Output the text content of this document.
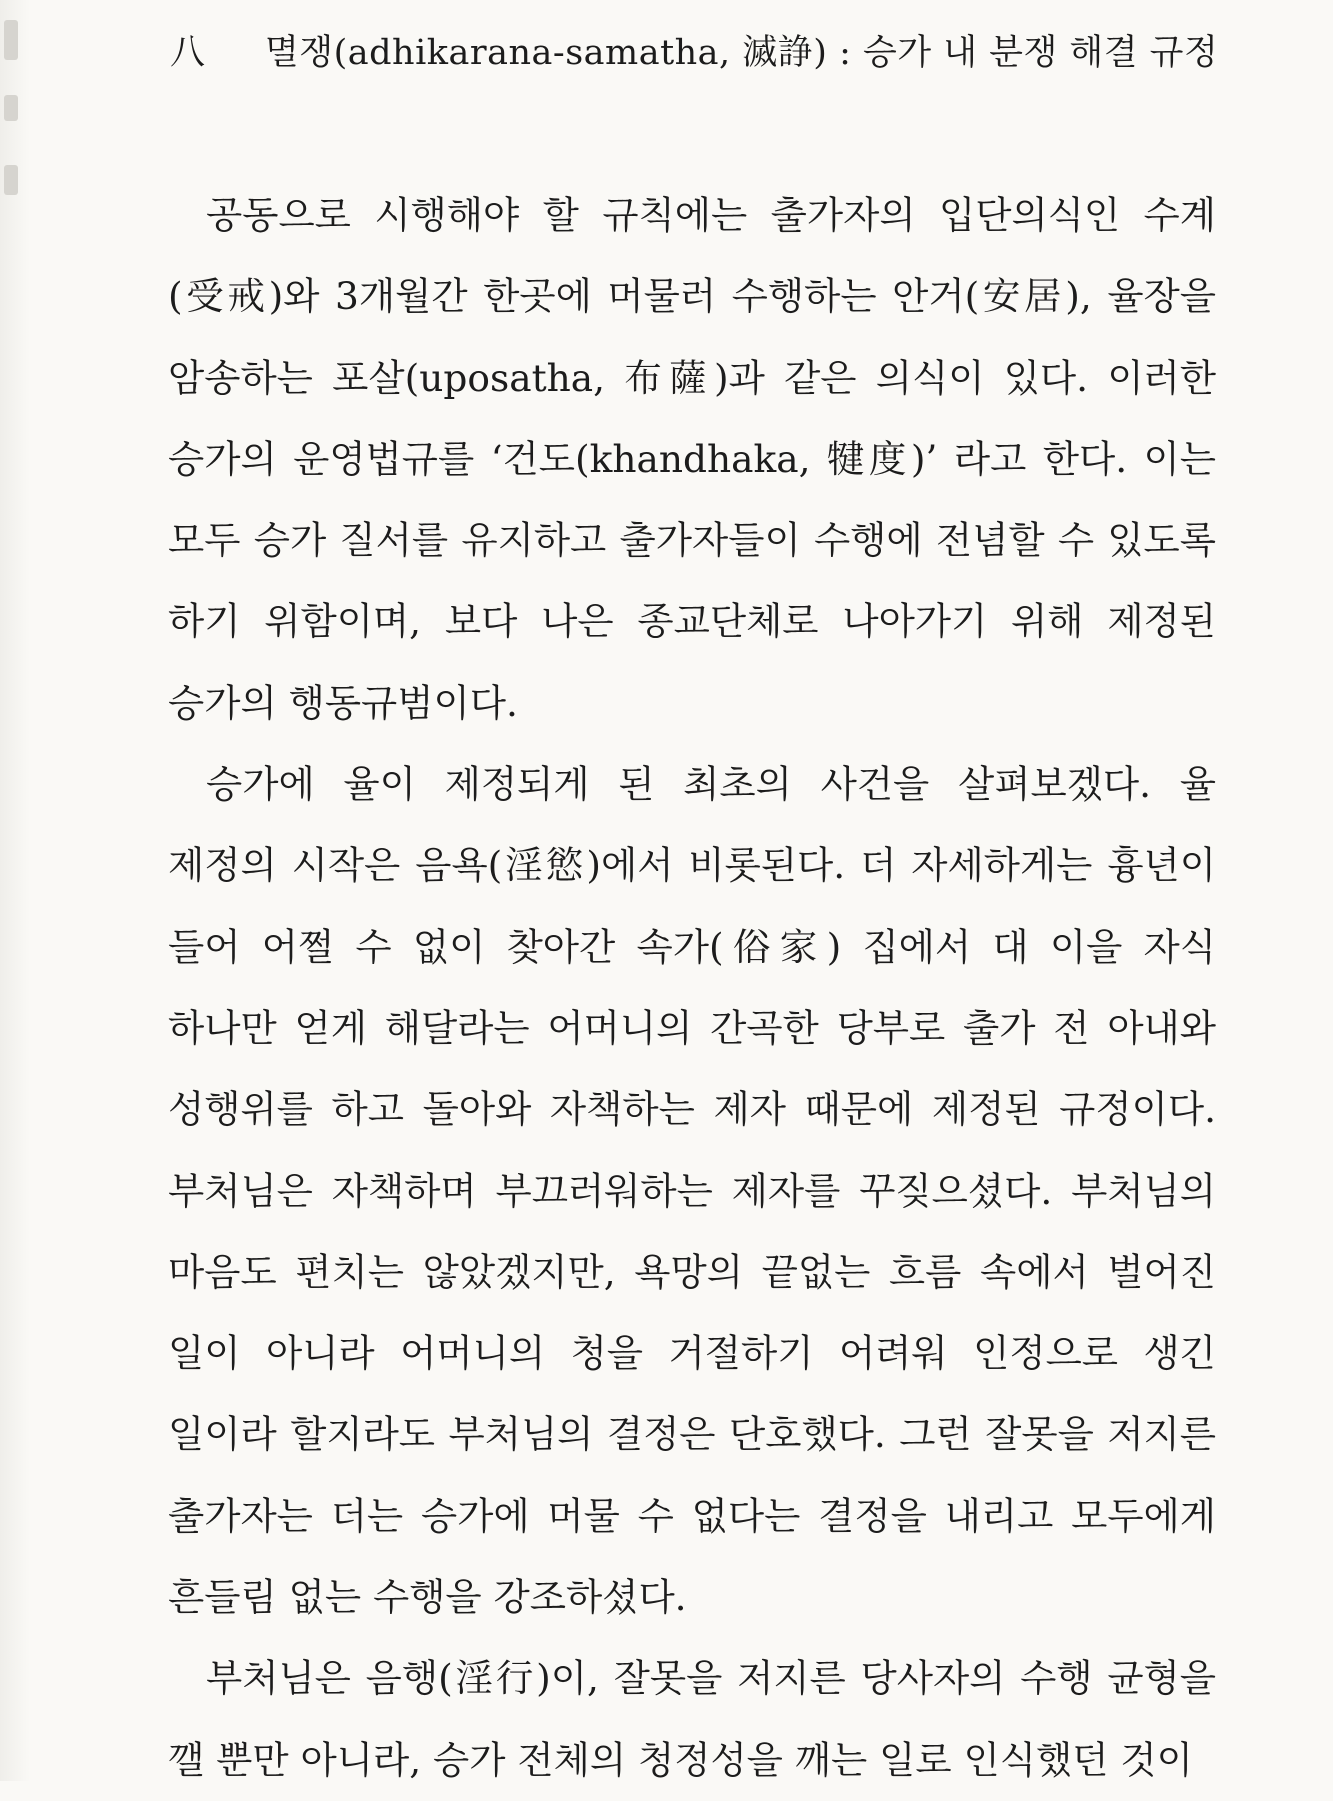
八	멸쟁(adhikarana-samatha, 滅諍) : 승가 내 분쟁 해결 규정

공동으로 시행해야 할 규칙에는 출가자의 입단의식인 수계(受戒)와 3개월간 한곳에 머물러 수행하는 안거(安居), 율장을 암송하는 포살(uposatha, 布薩)과 같은 의식이 있다. 이러한 승가의 운영법규를 ‘건도(khandhaka, 犍度)’ 라고 한다. 이는 모두 승가 질서를 유지하고 출가자들이 수행에 전념할 수 있도록 하기 위함이며, 보다 나은 종교단체로 나아가기 위해 제정된 승가의 행동규범이다.

승가에 율이 제정되게 된 최초의 사건을 살펴보겠다. 율 제정의 시작은 음욕(淫慾)에서 비롯된다. 더 자세하게는 흉년이 들어 어쩔 수 없이 찾아간 속가(俗家) 집에서 대 이을 자식 하나만 얻게 해달라는 어머니의 간곡한 당부로 출가 전 아내와 성행위를 하고 돌아와 자책하는 제자 때문에 제정된 규정이다. 부처님은 자책하며 부끄러워하는 제자를 꾸짖으셨다. 부처님의 마음도 편치는 않았겠지만, 욕망의 끝없는 흐름 속에서 벌어진 일이 아니라 어머니의 청을 거절하기 어려워 인정으로 생긴 일이라 할지라도 부처님의 결정은 단호했다. 그런 잘못을 저지른 출가자는 더는 승가에 머물 수 없다는 결정을 내리고 모두에게 흔들림 없는 수행을 강조하셨다.

부처님은 음행(淫行)이, 잘못을 저지른 당사자의 수행 균형을 깰 뿐만 아니라, 승가 전체의 청정성을 깨는 일로 인식했던 것이
